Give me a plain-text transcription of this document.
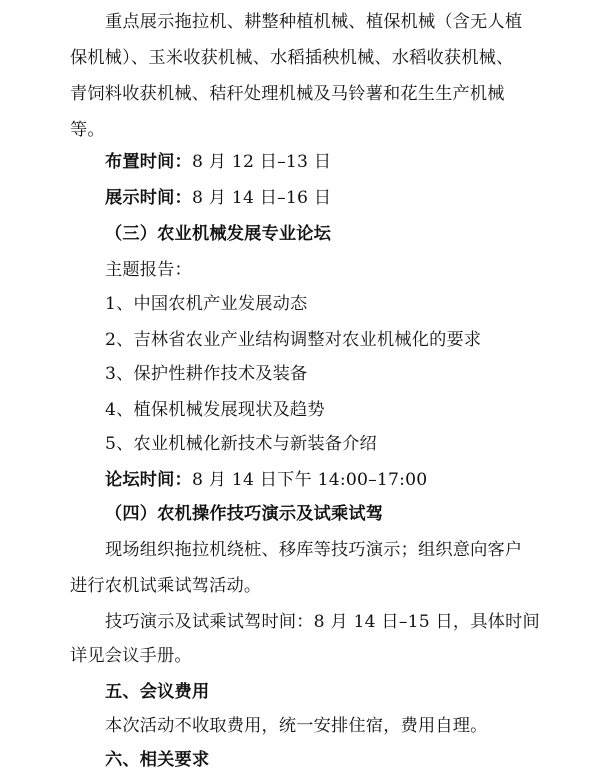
重点展示拖拉机、耕整种植机械、植保机械（含无人植
保机械）、玉米收获机械、水稻插秧机械、水稻收获机械、
青饲料收获机械、秸秆处理机械及马铃薯和花生生产机械
等。
布置时间：8 月 12 日–13 日
展示时间：8 月 14 日–16 日
（三）农业机械发展专业论坛
主题报告：
1、中国农机产业发展动态
2、吉林省农业产业结构调整对农业机械化的要求
3、保护性耕作技术及装备
4、植保机械发展现状及趋势
5、农业机械化新技术与新装备介绍
论坛时间：8 月 14 日下午 14:00–17:00
（四）农机操作技巧演示及试乘试驾
现场组织拖拉机绕桩、移库等技巧演示；组织意向客户
进行农机试乘试驾活动。
技巧演示及试乘试驾时间：8 月 14 日–15 日，具体时间
详见会议手册。
五、会议费用
本次活动不收取费用，统一安排住宿，费用自理。
六、相关要求
